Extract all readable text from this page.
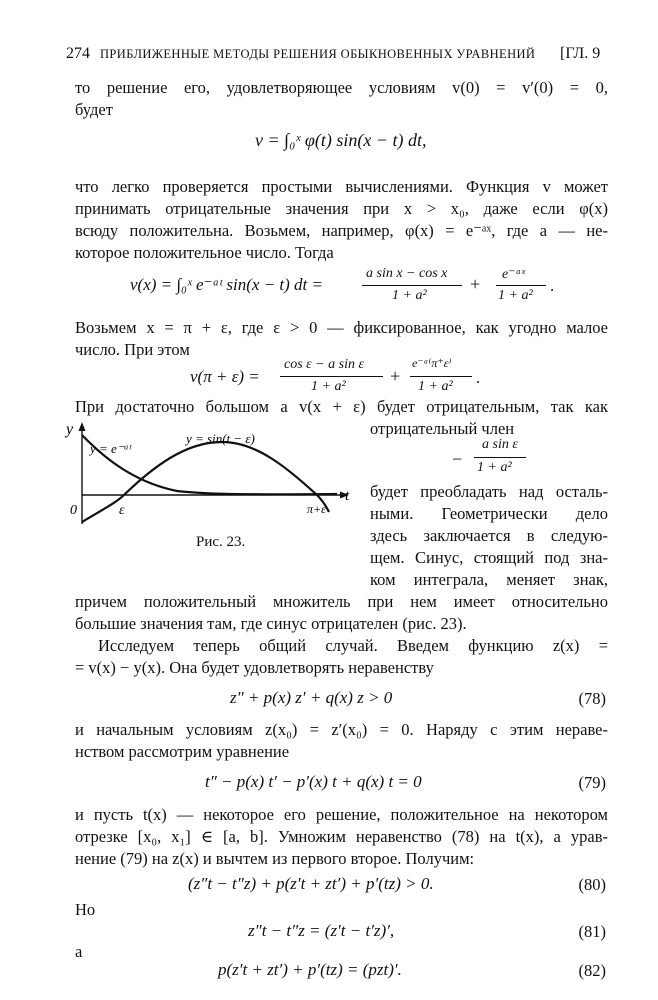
274 ПРИБЛИЖЕННЫЕ МЕТОДЫ РЕШЕНИЯ ОБЫКНОВЕННЫХ УРАВНЕНИЙ [ГЛ. 9
то решение его, удовлетворяющее условиям v(0) = v′(0) = 0,
будет
v = ∫₀ˣ φ(t) sin(x − t) dt,
что легко проверяется простыми вычислениями. Функция v может
принимать отрицательные значения при x > x₀, даже если φ(x)
всюду положительна. Возьмем, например, φ(x) = e⁻ᵃˣ, где a — не-
которое положительное число. Тогда
v(x) = ∫₀ˣ e⁻ᵃᵗ sin(x − t) dt =
a sin x − cos x
1 + a²
+ e⁻ᵃˣ
1 + a²
.
Возьмем x = π + ε, где ε > 0 — фиксированное, как угодно малое
число. При этом
v(π + ε) =
cos ε − a sin ε
1 + a²
+
e⁻ᵃ⁽π⁺ε⁾
1 + a² .
При достаточно большом a v(x + ε) будет отрицательным, так как
отрицательный член
−
a sin ε
1 + a²
y
t
0	ε	π+ε
y = e⁻ᵃᵗ
y = sin(t − ε)
Рис. 23.
будет преобладать над осталь-
ными. Геометрически дело
здесь заключается в следую-
щем. Синус, стоящий под зна-
ком интеграла, меняет знак,
причем положительный множитель при нем имеет относительно
большие значения там, где синус отрицателен (рис. 23).
Исследуем теперь общий случай. Введем функцию z(x) =
= v(x) − y(x). Она будет удовлетворять неравенству
z″ + p(x) z′ + q(x) z > 0	(78)
и начальным условиям z(x₀) = z′(x₀) = 0. Наряду с этим нераве-
нством рассмотрим уравнение
t″ − p(x) t′ − p′(x) t + q(x) t = 0	(79)
и пусть t(x) — некоторое его решение, положительное на некотором
отрезке [x₀, x₁] ∈ [a, b]. Умножим неравенство (78) на t(x), а урав-
нение (79) на z(x) и вычтем из первого второе. Получим:
(z″t − t″z) + p(z′t + zt′) + p′(tz) > 0.	(80)
Но
z″t − t″z = (z′t − t′z)′,	(81)
а
p(z′t + zt′) + p′(tz) = (pzt)′.	(82)
